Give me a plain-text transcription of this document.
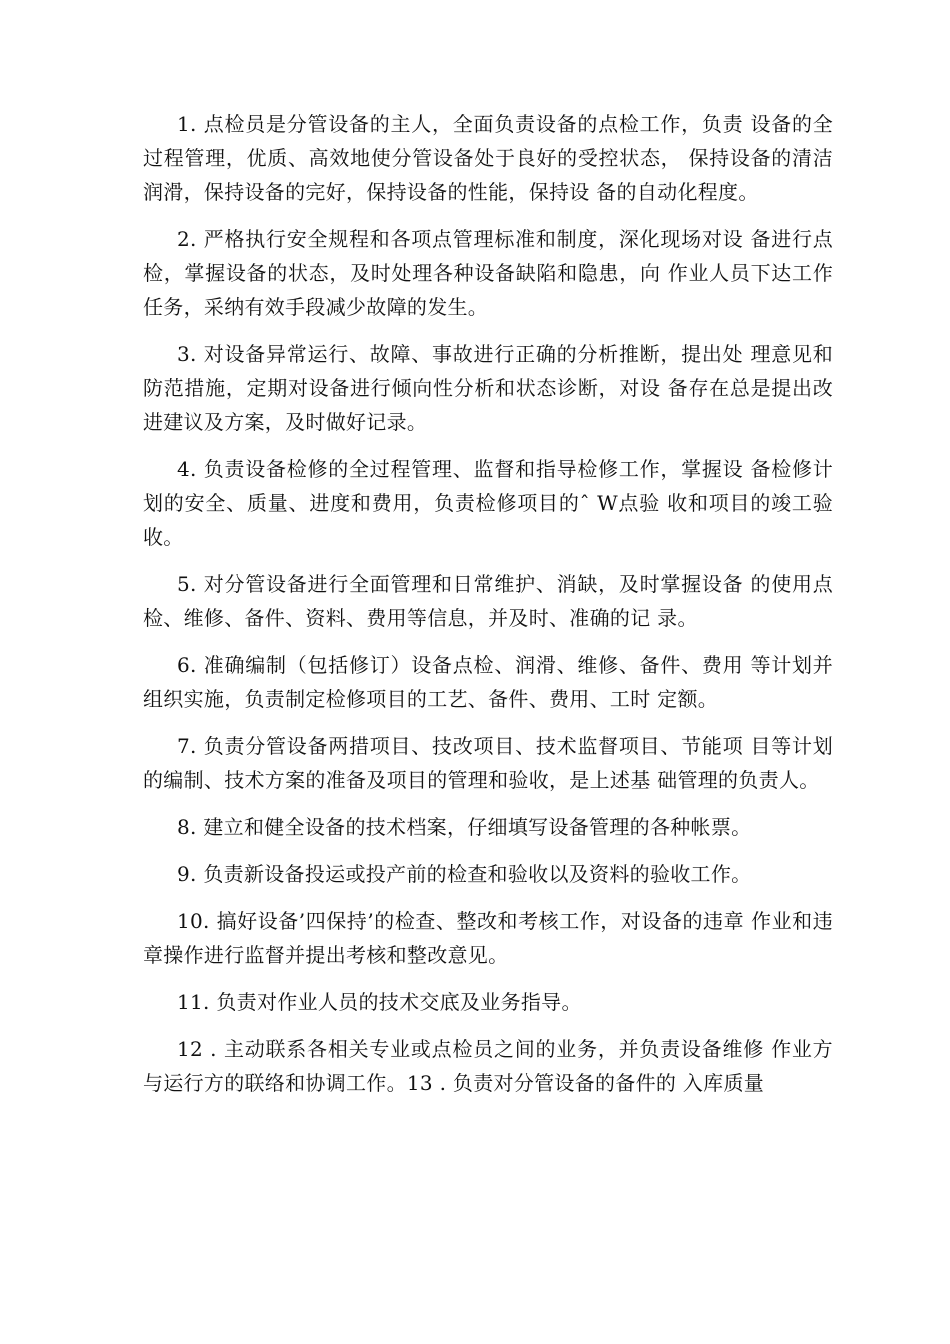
1. 点检员是分管设备的主人，全面负责设备的点检工作，负责 设备的全过程管理，优质、高效地使分管设备处于良好的受控状态， 保持设备的清洁润滑，保持设备的完好，保持设备的性能，保持设 备的自动化程度。

2. 严格执行安全规程和各项点管理标准和制度，深化现场对设 备进行点检，掌握设备的状态，及时处理各种设备缺陷和隐患，向 作业人员下达工作任务，采纳有效手段减少故障的发生。

3. 对设备异常运行、故障、事故进行正确的分析推断，提出处 理意见和防范措施，定期对设备进行倾向性分析和状态诊断，对设 备存在总是提出改进建议及方案，及时做好记录。

4. 负责设备检修的全过程管理、监督和指导检修工作，掌握设 备检修计划的安全、质量、进度和费用，负责检修项目的ˆ W点验 收和项目的竣工验收。

5. 对分管设备进行全面管理和日常维护、消缺，及时掌握设备 的使用点检、维修、备件、资料、费用等信息，并及时、准确的记 录。

6. 准确编制（包括修订）设备点检、润滑、维修、备件、费用 等计划并组织实施，负责制定检修项目的工艺、备件、费用、工时 定额。

7. 负责分管设备两措项目、技改项目、技术监督项目、节能项 目等计划的编制、技术方案的准备及项目的管理和验收，是上述基 础管理的负责人。

8. 建立和健全设备的技术档案，仔细填写设备管理的各种帐票。

9. 负责新设备投运或投产前的检查和验收以及资料的验收工作。

10. 搞好设备’四保持’的检查、整改和考核工作，对设备的违章 作业和违章操作进行监督并提出考核和整改意见。

11. 负责对作业人员的技术交底及业务指导。

12 . 主动联系各相关专业或点检员之间的业务，并负责设备维修 作业方与运行方的联络和协调工作。13 . 负责对分管设备的备件的 入库质量
